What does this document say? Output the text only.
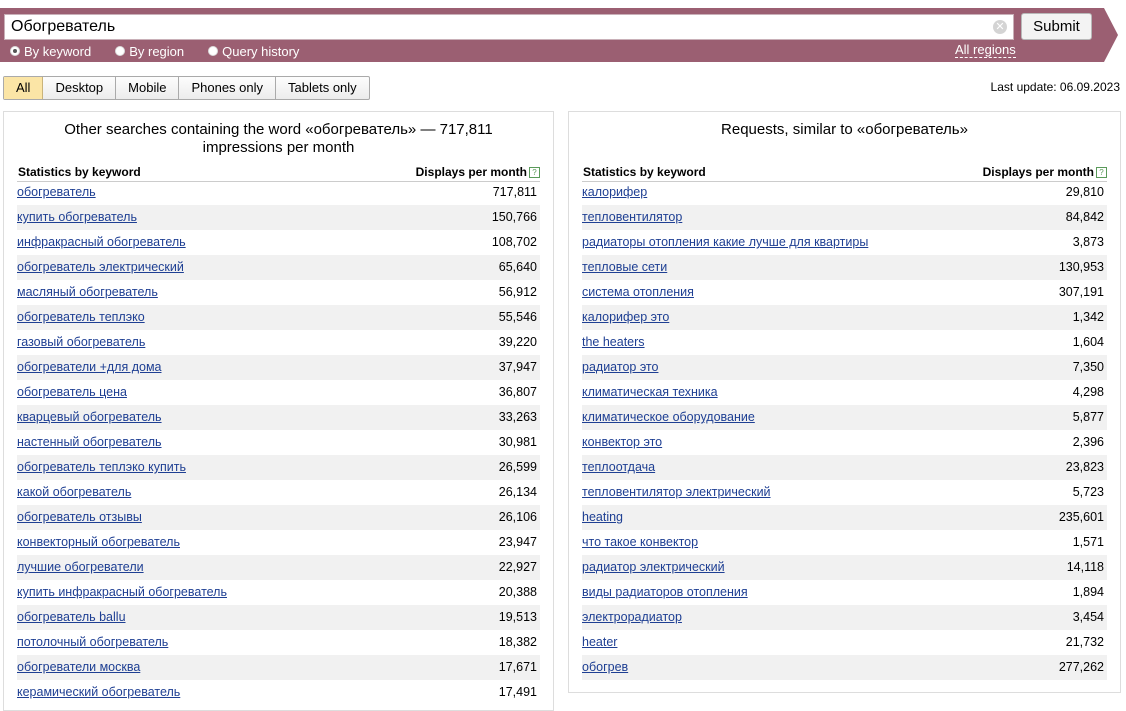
Обогреватель
✕	Submit
By keyword	By region	Query history	All regions
All	Desktop	Mobile	Phones only	Tablets only	Last update: 06.09.2023
Other searches containing the word «обогреватель» — 717,811
impressions per month
Statistics by keyword	Displays per month ?
обогреватель	717,811
купить обогреватель	150,766
инфракрасный обогреватель	108,702
обогреватель электрический	65,640
масляный обогреватель	56,912
обогреватель теплэко	55,546
газовый обогреватель	39,220
обогреватели +для дома	37,947
обогреватель цена	36,807
кварцевый обогреватель	33,263
настенный обогреватель	30,981
обогреватель теплэко купить	26,599
какой обогреватель	26,134
обогреватель отзывы	26,106
конвекторный обогреватель	23,947
лучшие обогреватели	22,927
купить инфракрасный обогреватель	20,388
обогреватель ballu	19,513
потолочный обогреватель	18,382
обогреватели москва	17,671
керамический обогреватель	17,491
Requests, similar to «обогреватель»
Statistics by keyword	Displays per month ?
калорифер	29,810
тепловентилятор	84,842
радиаторы отопления какие лучше для квартиры	3,873
тепловые сети	130,953
система отопления	307,191
калорифер это	1,342
the heaters	1,604
радиатор это	7,350
климатическая техника	4,298
климатическое оборудование	5,877
конвектор это	2,396
теплоотдача	23,823
тепловентилятор электрический	5,723
heating	235,601
что такое конвектор	1,571
радиатор электрический	14,118
виды радиаторов отопления	1,894
электрорадиатор	3,454
heater	21,732
обогрев	277,262
